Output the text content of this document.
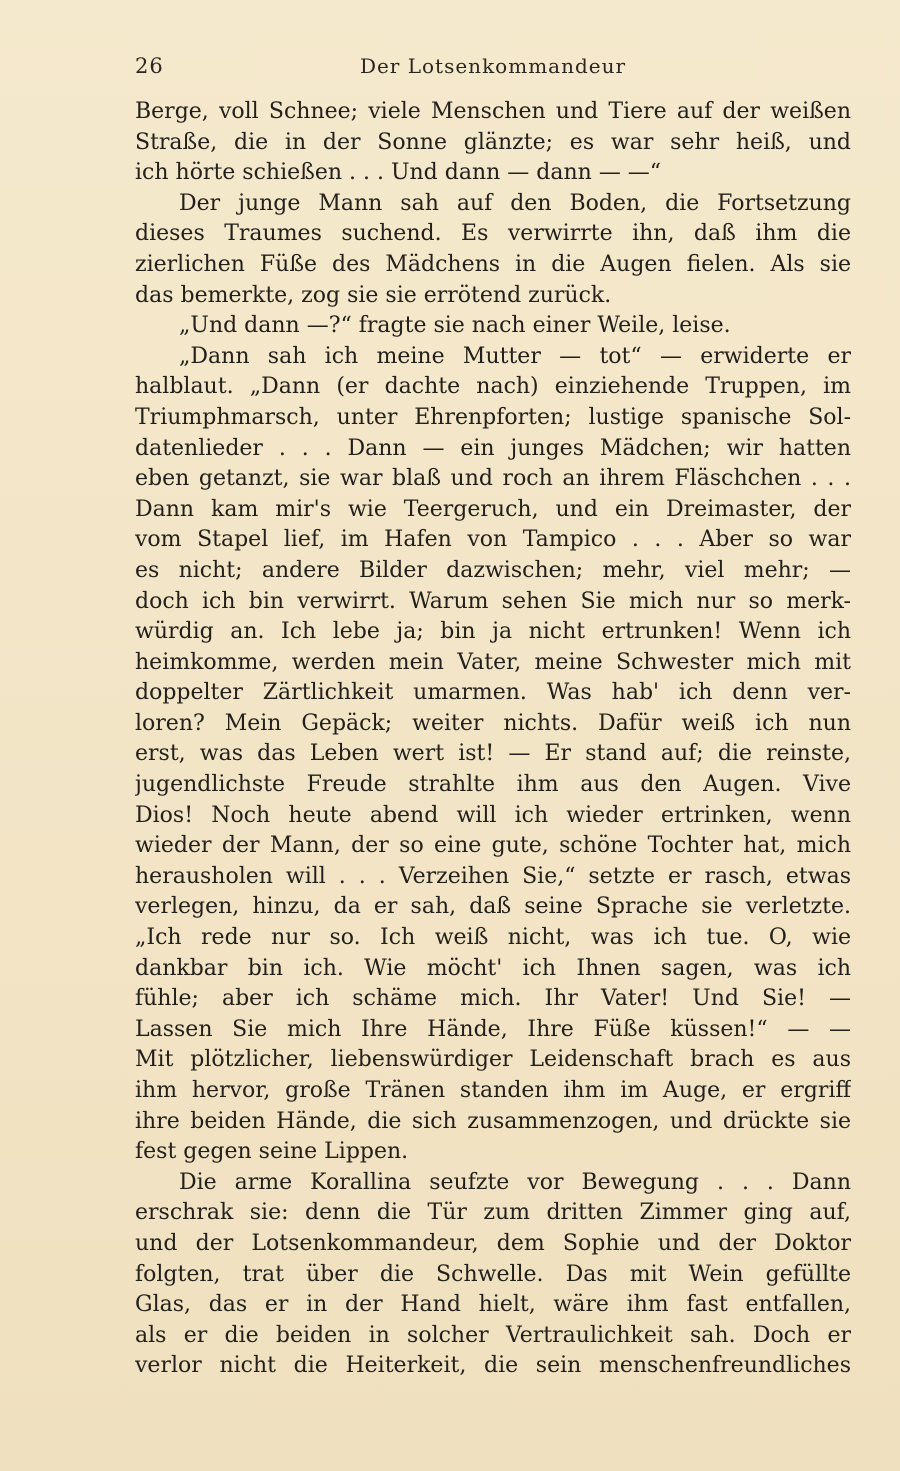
26	Der Lotsenkommandeur
Berge, voll Schnee; viele Menschen und Tiere auf der weißen
Straße, die in der Sonne glänzte; es war sehr heiß, und
ich hörte schießen . . . Und dann — dann — —“
Der junge Mann sah auf den Boden, die Fortsetzung
dieses Traumes suchend. Es verwirrte ihn, daß ihm die
zierlichen Füße des Mädchens in die Augen fielen. Als sie
das bemerkte, zog sie sie errötend zurück.
„Und dann —?“ fragte sie nach einer Weile, leise.
„Dann sah ich meine Mutter — tot“ — erwiderte er
halblaut. „Dann (er dachte nach) einziehende Truppen, im
Triumphmarsch, unter Ehrenpforten; lustige spanische Sol-
datenlieder . . . Dann — ein junges Mädchen; wir hatten
eben getanzt, sie war blaß und roch an ihrem Fläschchen . . .
Dann kam mir's wie Teergeruch, und ein Dreimaster, der
vom Stapel lief, im Hafen von Tampico . . . Aber so war
es nicht; andere Bilder dazwischen; mehr, viel mehr; —
doch ich bin verwirrt. Warum sehen Sie mich nur so merk-
würdig an. Ich lebe ja; bin ja nicht ertrunken! Wenn ich
heimkomme, werden mein Vater, meine Schwester mich mit
doppelter Zärtlichkeit umarmen. Was hab' ich denn ver-
loren? Mein Gepäck; weiter nichts. Dafür weiß ich nun
erst, was das Leben wert ist! — Er stand auf; die reinste,
jugendlichste Freude strahlte ihm aus den Augen. Vive
Dios! Noch heute abend will ich wieder ertrinken, wenn
wieder der Mann, der so eine gute, schöne Tochter hat, mich
herausholen will . . . Verzeihen Sie,“ setzte er rasch, etwas
verlegen, hinzu, da er sah, daß seine Sprache sie verletzte.
„Ich rede nur so. Ich weiß nicht, was ich tue. O, wie
dankbar bin ich. Wie möcht' ich Ihnen sagen, was ich
fühle; aber ich schäme mich. Ihr Vater! Und Sie! —
Lassen Sie mich Ihre Hände, Ihre Füße küssen!“ — —
Mit plötzlicher, liebenswürdiger Leidenschaft brach es aus
ihm hervor, große Tränen standen ihm im Auge, er ergriff
ihre beiden Hände, die sich zusammenzogen, und drückte sie
fest gegen seine Lippen.
Die arme Korallina seufzte vor Bewegung . . . Dann
erschrak sie: denn die Tür zum dritten Zimmer ging auf,
und der Lotsenkommandeur, dem Sophie und der Doktor
folgten, trat über die Schwelle. Das mit Wein gefüllte
Glas, das er in der Hand hielt, wäre ihm fast entfallen,
als er die beiden in solcher Vertraulichkeit sah. Doch er
verlor nicht die Heiterkeit, die sein menschenfreundliches
